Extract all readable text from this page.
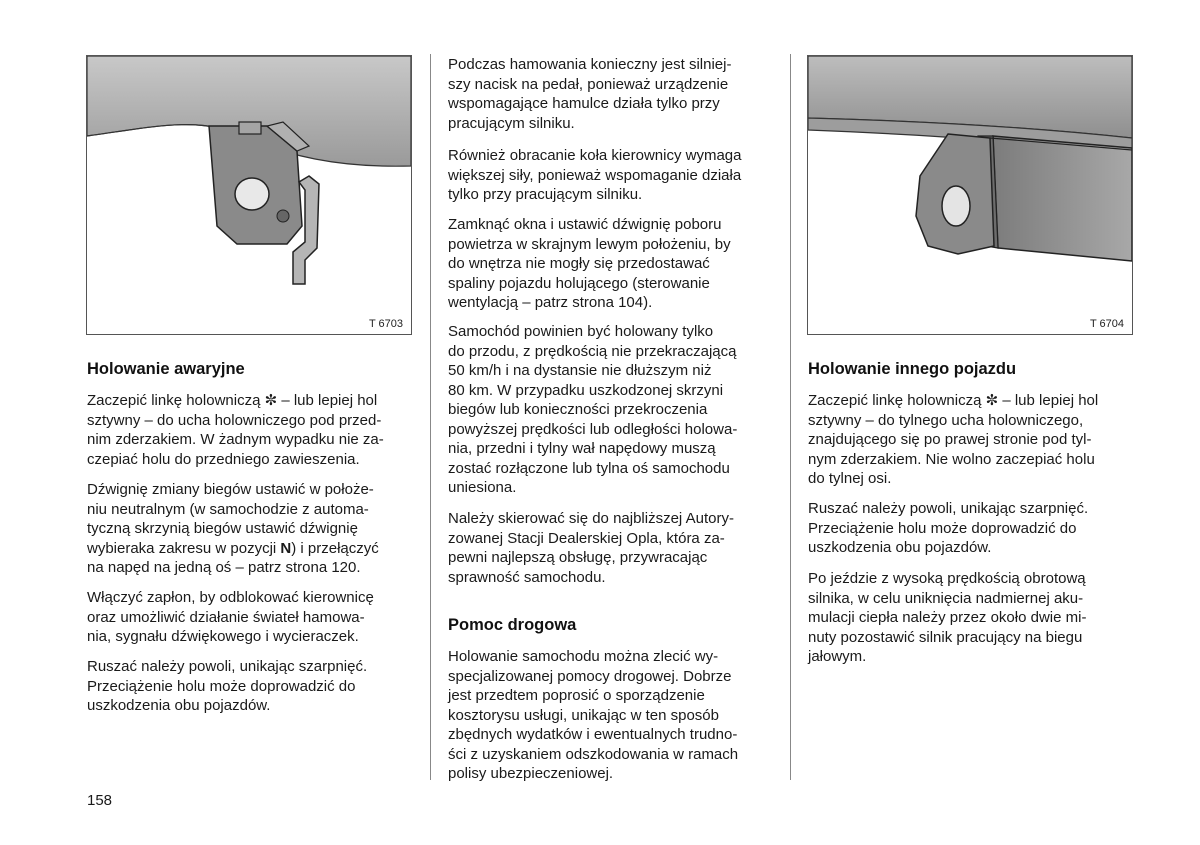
T 6703
Holowanie awaryjne

Zaczepić linkę holowniczą ✼ – lub lepiej hol
sztywny – do ucha holowniczego pod przed-
nim zderzakiem. W żadnym wypadku nie za-
czepiać holu do przedniego zawieszenia.

Dźwignię zmiany biegów ustawić w położe-
niu neutralnym (w samochodzie z automa-
tyczną skrzynią biegów ustawić dźwignię
wybieraka zakresu w pozycji N) i przełączyć
na napęd na jedną oś – patrz strona 120.

Włączyć zapłon, by odblokować kierownicę
oraz umożliwić działanie świateł hamowa-
nia, sygnału dźwiękowego i wycieraczek.

Ruszać należy powoli, unikając szarpnięć.
Przeciążenie holu może doprowadzić do
uszkodzenia obu pojazdów.

Podczas hamowania konieczny jest silniej-
szy nacisk na pedał, ponieważ urządzenie
wspomagające hamulce działa tylko przy
pracującym silniku.

Również obracanie koła kierownicy wymaga
większej siły, ponieważ wspomaganie działa
tylko przy pracującym silniku.

Zamknąć okna i ustawić dźwignię poboru
powietrza w skrajnym lewym położeniu, by
do wnętrza nie mogły się przedostawać
spaliny pojazdu holującego (sterowanie
wentylacją – patrz strona 104).

Samochód powinien być holowany tylko
do przodu, z prędkością nie przekraczającą
50 km/h i na dystansie nie dłuższym niż
80 km. W przypadku uszkodzonej skrzyni
biegów lub konieczności przekroczenia
powyższej prędkości lub odległości holowa-
nia, przedni i tylny wał napędowy muszą
zostać rozłączone lub tylna oś samochodu
uniesiona.

Należy skierować się do najbliższej Autory-
zowanej Stacji Dealerskiej Opla, która za-
pewni najlepszą obsługę, przywracając
sprawność samochodu.

Pomoc drogowa

Holowanie samochodu można zlecić wy-
specjalizowanej pomocy drogowej. Dobrze
jest przedtem poprosić o sporządzenie
kosztorysu usługi, unikając w ten sposób
zbędnych wydatków i ewentualnych trudno-
ści z uzyskaniem odszkodowania w ramach
polisy ubezpieczeniowej.

T 6704
Holowanie innego pojazdu

Zaczepić linkę holowniczą ✼ – lub lepiej hol
sztywny – do tylnego ucha holowniczego,
znajdującego się po prawej stronie pod tyl-
nym zderzakiem. Nie wolno zaczepiać holu
do tylnej osi.

Ruszać należy powoli, unikając szarpnięć.
Przeciążenie holu może doprowadzić do
uszkodzenia obu pojazdów.

Po jeździe z wysoką prędkością obrotową
silnika, w celu uniknięcia nadmiernej aku-
mulacji ciepła należy przez około dwie mi-
nuty pozostawić silnik pracujący na biegu
jałowym.

158
